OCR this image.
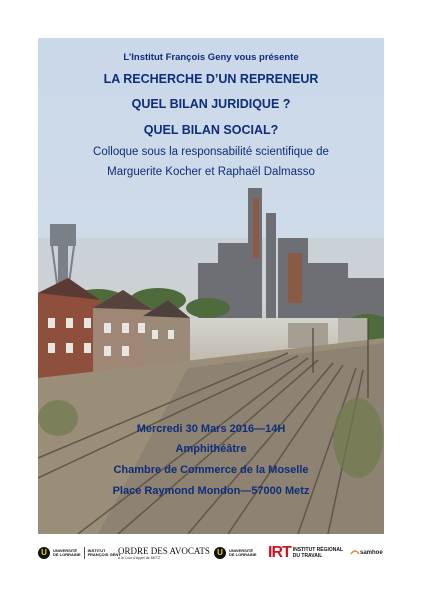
L’Institut François Geny vous présente
LA RECHERCHE D’UN REPRENEUR
QUEL BILAN JURIDIQUE ?
QUEL BILAN SOCIAL?
Colloque sous la responsabilité scientifique de
Marguerite Kocher et Raphaël Dalmasso
Mercredi 30 Mars 2016—14H
Amphithéâtre
Chambre de Commerce de la Moselle
Place Raymond Mondon—57000 Metz
U	UNIVERSITÉ
DE LORRAINE
INSTITUT
FRANÇOIS GÉNY
ORDRE DES AVOCATS
à la Cour d'Appel de METZ
U	UNIVERSITÉ
DE LORRAINE IRT INSTITUT RÉGIONAL
DU TRAVAIL	samhoe
